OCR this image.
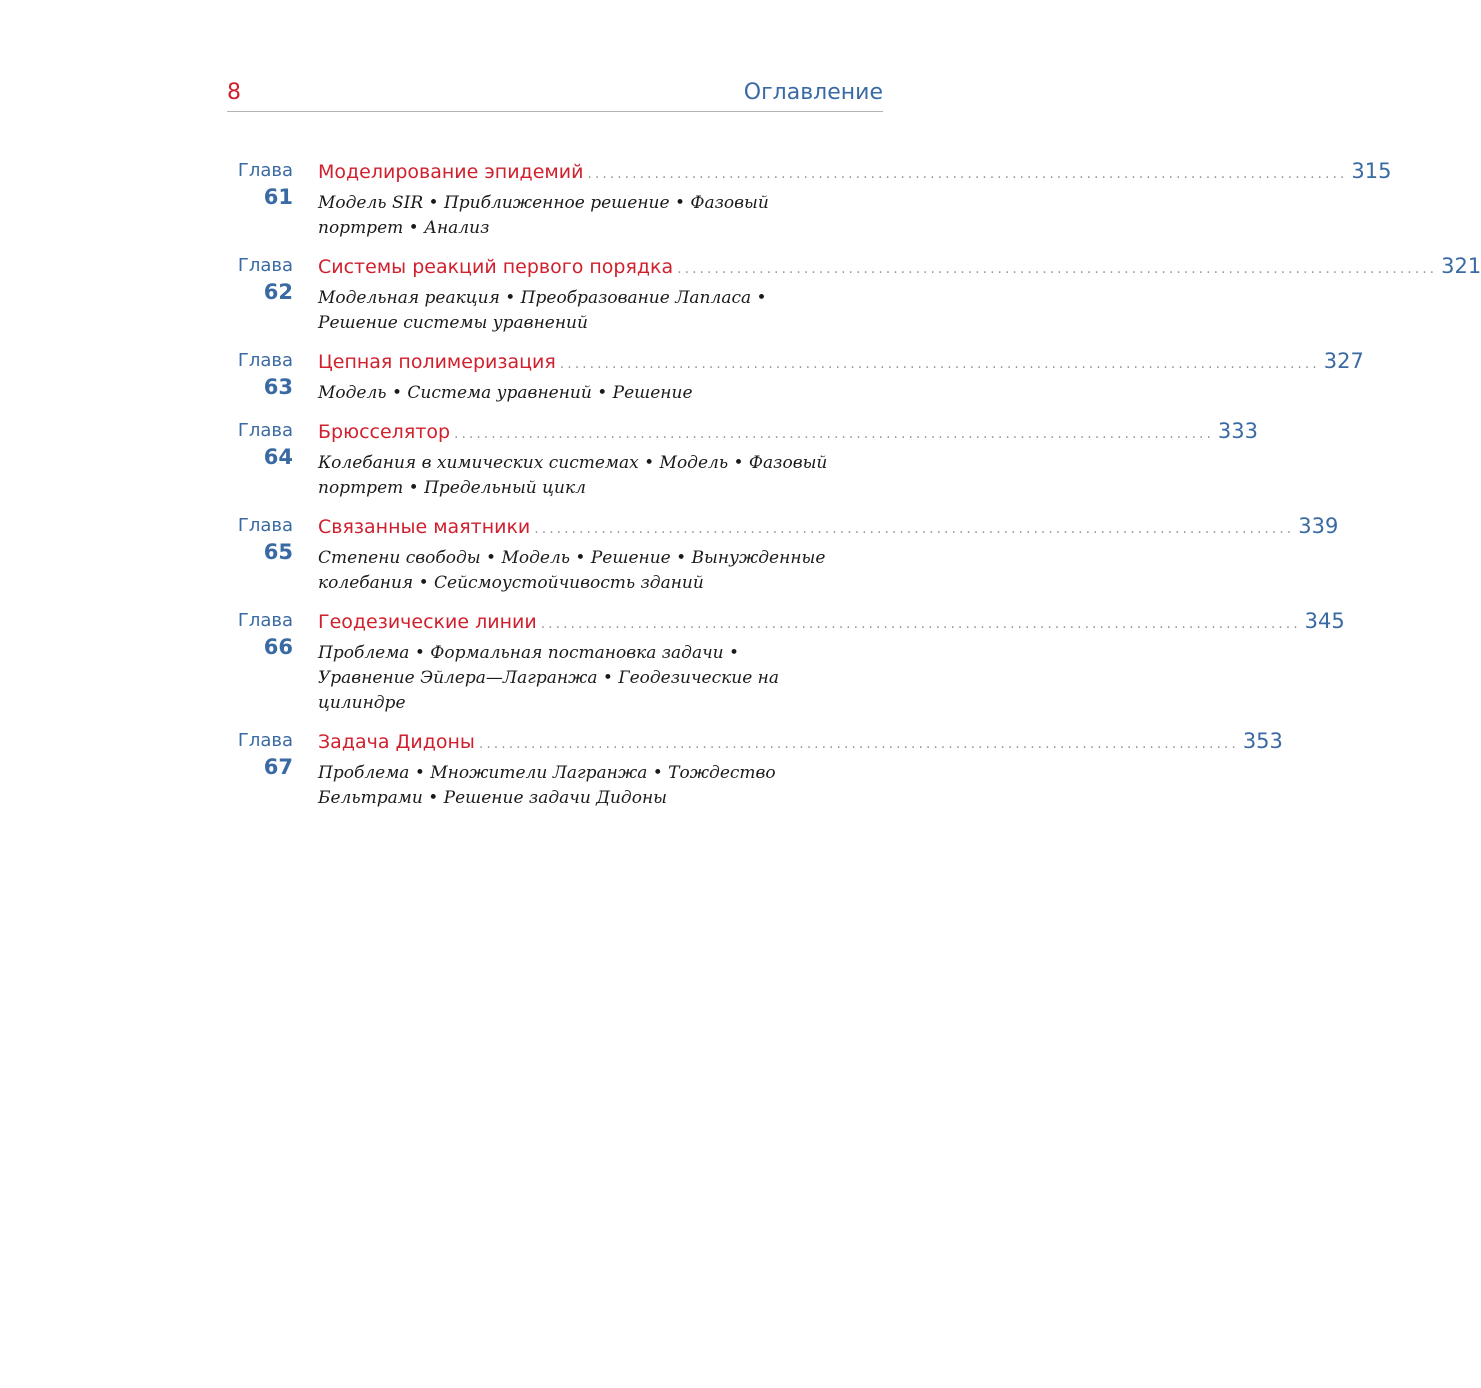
8	Оглавление
Глава
61
Моделирование эпидемий ...................................................................................................... 315
Модель SIR • Приближенное решение • Фазовый портрет • Анализ
Глава
62
Системы реакций первого порядка ...................................................................................................... 321
Модельная реакция • Преобразование Лапласа • Решение системы уравнений
Глава
63
Цепная полимеризация ...................................................................................................... 327
Модель • Система уравнений • Решение
Глава
64
Брюсселятор ...................................................................................................... 333
Колебания в химических системах • Модель • Фазовый портрет • Предельный цикл
Глава
65
Связанные маятники ...................................................................................................... 339
Степени свободы • Модель • Решение • Вынужденные колебания • Сейсмоустойчивость зданий
Глава
66
Геодезические линии ...................................................................................................... 345
Проблема • Формальная постановка задачи • Уравнение Эйлера—Лагранжа • Геодезические на цилиндре
Глава
67
Задача Дидоны ...................................................................................................... 353
Проблема • Множители Лагранжа • Тождество Бельтрами • Решение задачи Дидоны
